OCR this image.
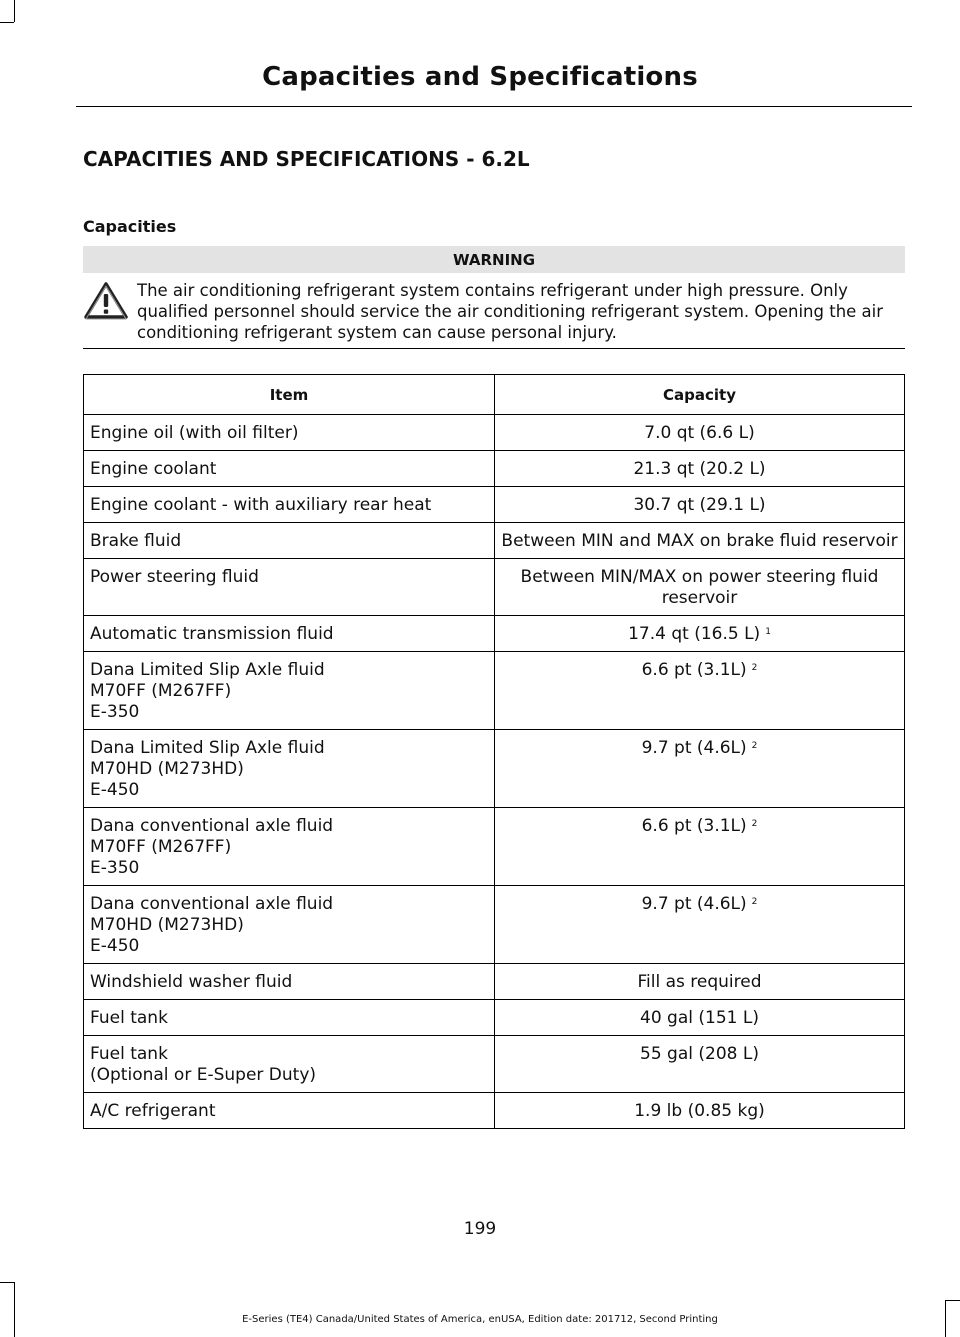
Capacities and Specifications
CAPACITIES AND SPECIFICATIONS - 6.2L
Capacities
WARNING
The air conditioning refrigerant system contains refrigerant under high pressure. Only qualified personnel should service the air conditioning refrigerant system. Opening the air conditioning refrigerant system can cause personal injury.
Item	Capacity

Engine oil (with oil filter)	7.0 qt (6.6 L)

Engine coolant	21.3 qt (20.2 L)

Engine coolant - with auxiliary rear heat	30.7 qt (29.1 L)

Brake fluid	Between MIN and MAX on brake fluid reservoir

Power steering fluid	Between MIN/MAX on power steering fluid reservoir

Automatic transmission fluid	17.4 qt (16.5 L) $^1$

Dana Limited Slip Axle fluid
M70FF (M267FF)
E-350	6.6 pt (3.1L) $^2$

Dana Limited Slip Axle fluid
M70HD (M273HD)
E-450	9.7 pt (4.6L) $^2$

Dana conventional axle fluid
M70FF (M267FF)
E-350	6.6 pt (3.1L) $^2$

Dana conventional axle fluid
M70HD (M273HD)
E-450	9.7 pt (4.6L) $^2$

Windshield washer fluid	Fill as required

Fuel tank	40 gal (151 L)

Fuel tank
(Optional or E-Super Duty)	55 gal (208 L)

A/C refrigerant	1.9 lb (0.85 kg)
199
E-Series (TE4) Canada/United States of America, enUSA, Edition date: 201712, Second Printing
